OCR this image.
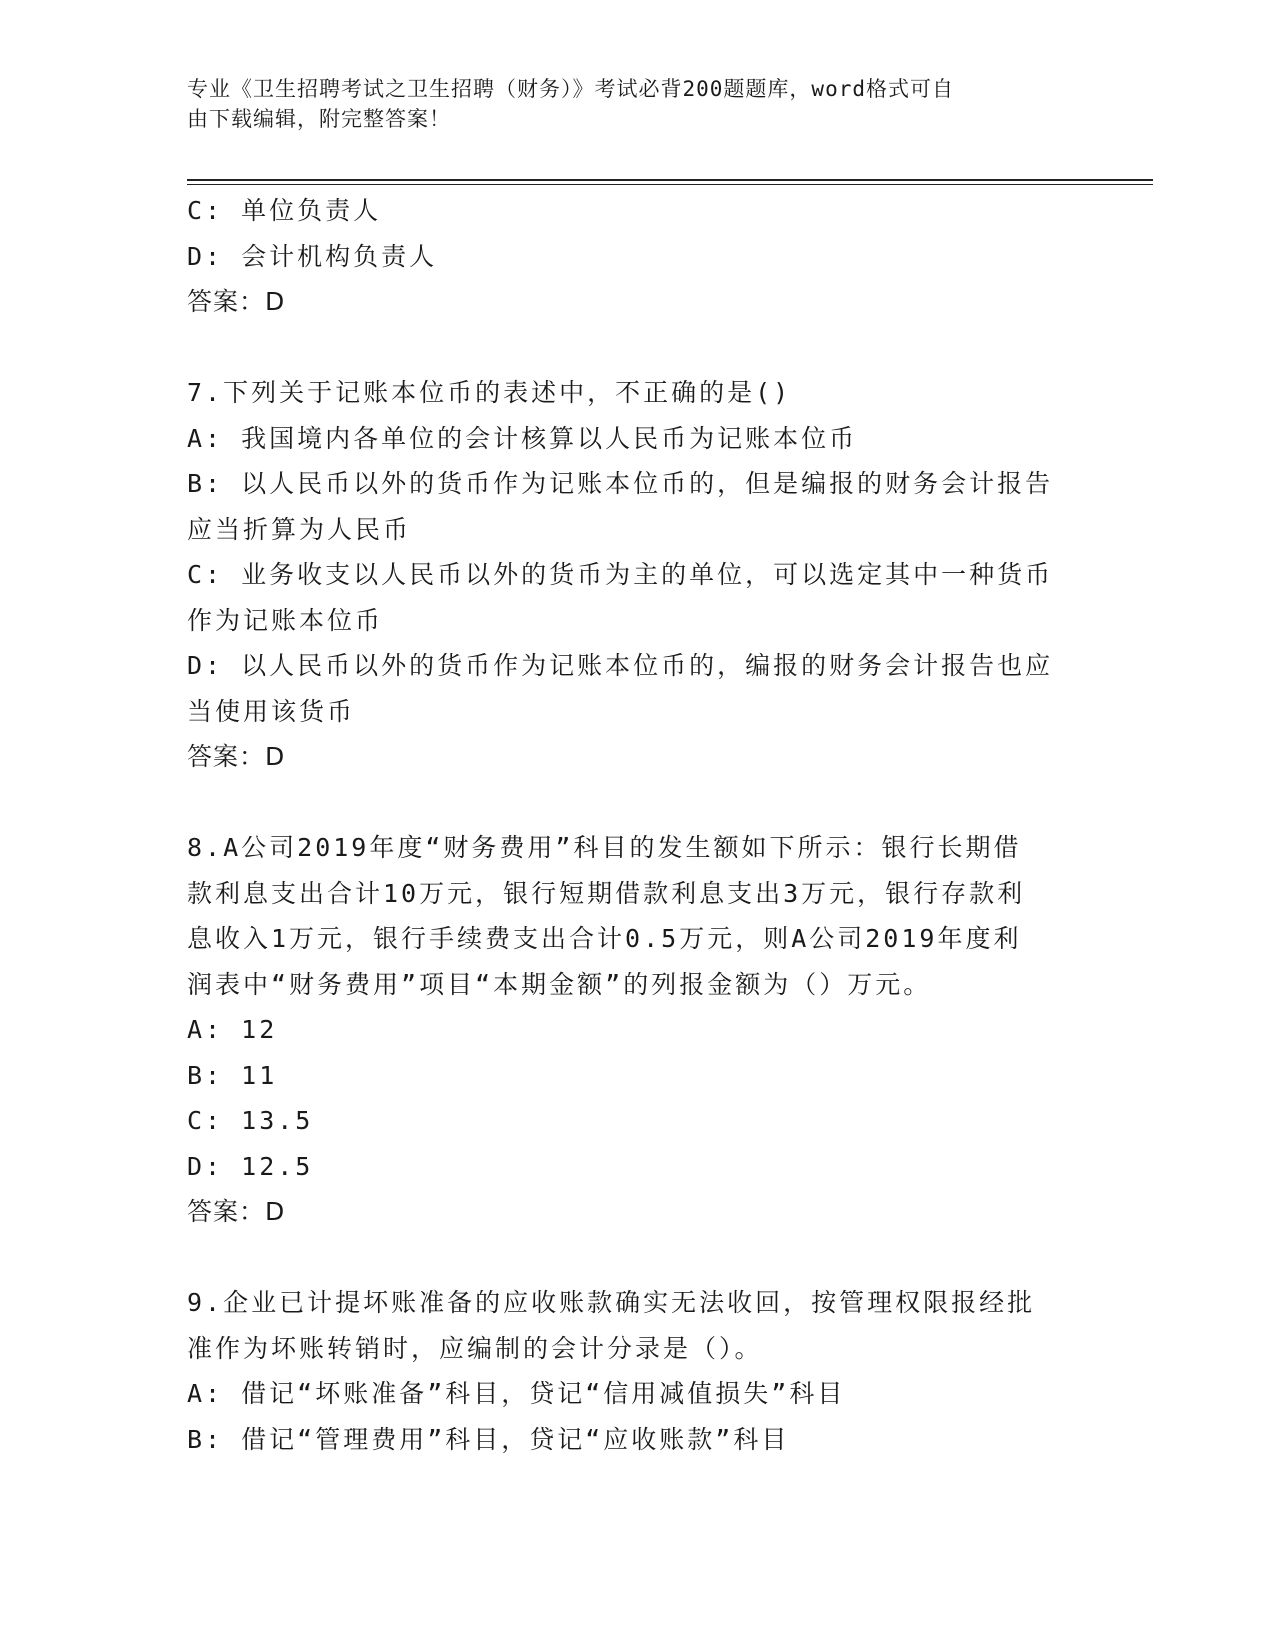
专业《卫生招聘考试之卫生招聘（财务）》考试必背200题题库，word格式可自
由下载编辑，附完整答案！
C: 单位负责人
D: 会计机构负责人
答案：D
7.下列关于记账本位币的表述中，不正确的是()
A: 我国境内各单位的会计核算以人民币为记账本位币
B: 以人民币以外的货币作为记账本位币的，但是编报的财务会计报告
应当折算为人民币
C: 业务收支以人民币以外的货币为主的单位，可以选定其中一种货币
作为记账本位币
D: 以人民币以外的货币作为记账本位币的，编报的财务会计报告也应
当使用该货币
答案：D
8.A公司2019年度“财务费用”科目的发生额如下所示：银行长期借
款利息支出合计10万元，银行短期借款利息支出3万元，银行存款利
息收入1万元，银行手续费支出合计0.5万元，则A公司2019年度利
润表中“财务费用”项目“本期金额”的列报金额为（）万元。
A: 12
B: 11
C: 13.5
D: 12.5
答案：D
9.企业已计提坏账准备的应收账款确实无法收回，按管理权限报经批
准作为坏账转销时，应编制的会计分录是（）。
A: 借记“坏账准备”科目，贷记“信用减值损失”科目
B: 借记“管理费用”科目，贷记“应收账款”科目
